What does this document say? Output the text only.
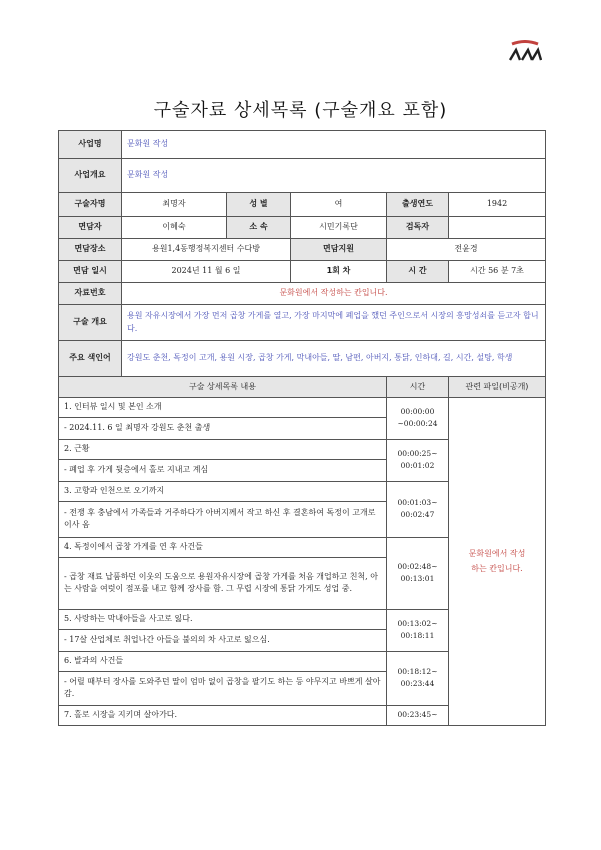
구술자료 상세목록 (구술개요 포함)
사업명	문화원 작성				
사업개요	문화원 작성				
구술자명	최명자	성 별	여	출생연도	1942
면담자	이혜숙	소 속	시민기록단	검독자	
면담장소	용원1,4동행정복지센터 수다방		면담지원	전윤경	
면담 일시	2024년 11 월 6 일		1회 차	시 간	시간 56 분 7초
자료번호	문화원에서 작성하는 칸입니다.				
구술 개요	용원 자유시장에서 가장 먼저 곱창 가게를 열고, 가장 마지막에 폐업을 했던 주인으로서 시장의 흥망성쇠를 듣고자 합니다.				
주요 색인어	강원도 춘천, 독정이 고개, 용원 시장, 곱창 가게, 막내아들, 딸, 남편, 아버지, 통닭, 인하대, 길, 시간, 설탕, 학생				
구술 상세목록 내용	시간	관련 파일(비공개)
1. 인터뷰 일시 및 본인 소개	00:00:00 ~00:00:24	문화원에서 작성하는 칸입니다.

- 2024.11. 6 일 최명자 강원도 춘천 출생		
2. 근황	00:00:25~ 00:01:02	
- 폐업 후 가게 뒷층에서 홀로 지내고 계심		
3. 고향과 인천으로 오기까지	00:01:03~ 00:02:47	
- 전쟁 후 충남에서 가족들과 거주하다가 아버지께서 작고 하신 후 결혼하여 독정이 고개로 이사 옴		
4. 독정이에서 곱창 가게를 연 후 사건들	00:02:48~ 00:13:01	
- 곱창 재료 납품하던 이웃의 도움으로 용원자유시장에 곱창 가게를 처음 개업하고 친척, 아는 사람을 여럿이 점포를 내고 함께 장사를 함. 그 무렵 시장에 통닭 가게도 성업 중.		
5. 사랑하는 막내아들을 사고로 잃다.	00:13:02~ 00:18:11	
- 17살 산업체로 취업나간 아들을 불의의 차 사고로 잃으심.		
6. 발과의 사건들	00:18:12~ 00:23:44	
- 어릴 때부터 장사를 도와주던 딸이 엄마 없이 곱창을 팔기도 하는 등 야무지고 바쁘게 살아감.		
7. 홀로 시장을 지키며 살아가다.	00:23:45~	
